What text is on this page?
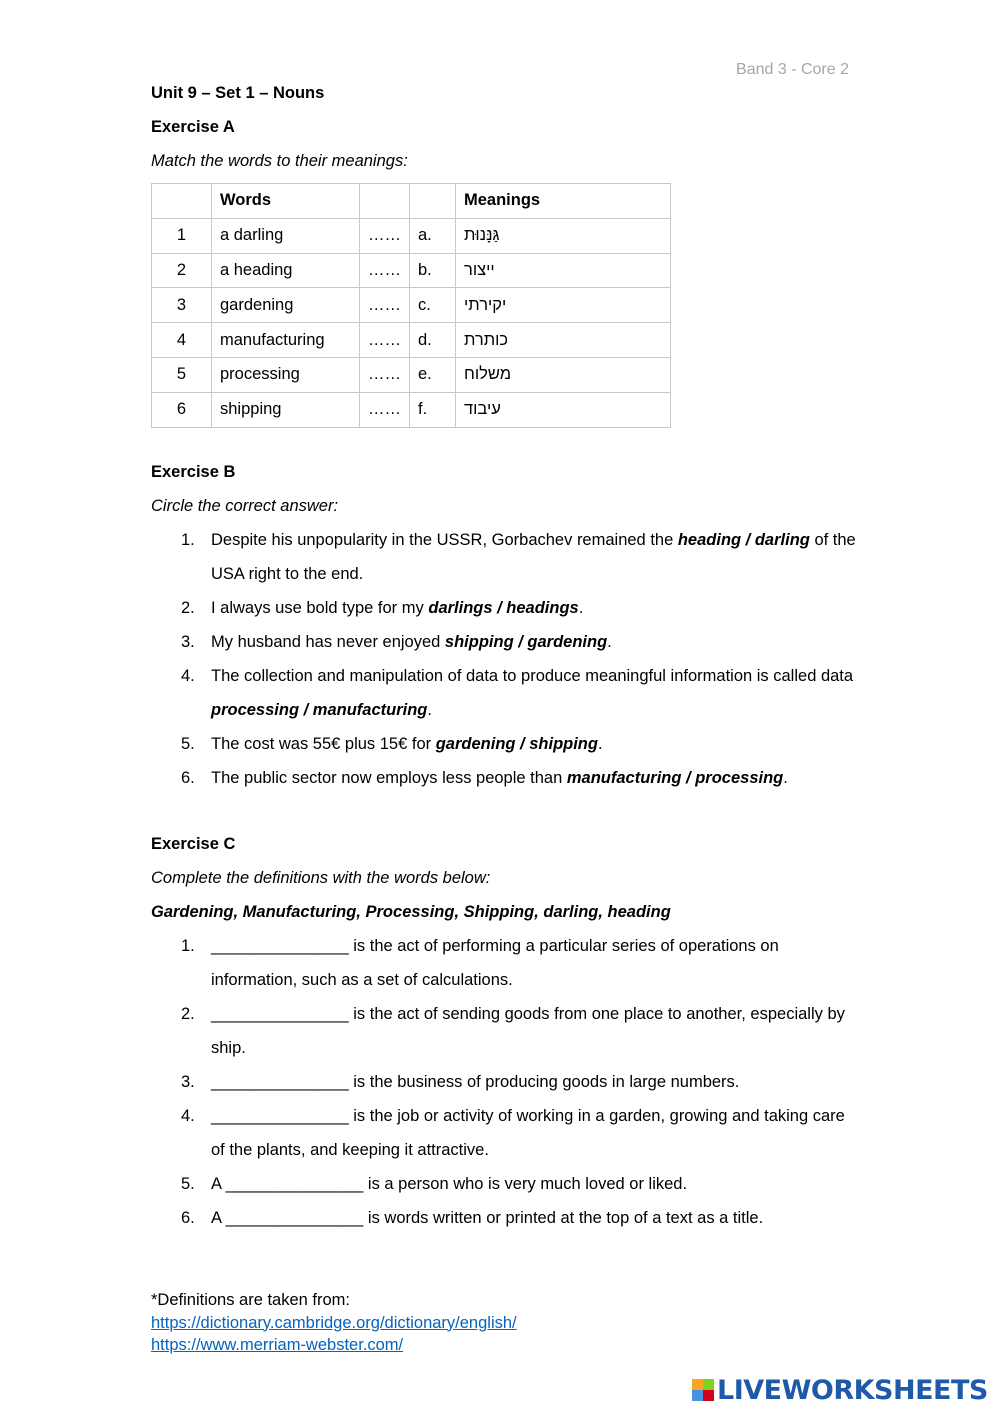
Band 3 - Core 2
Unit 9 – Set 1 – Nouns
Exercise A
Match the words to their meanings:
	Words			Meanings
1	a darling	……	a.	גַּנָּנוּת
2	a heading	……	b.	ייצור
3	gardening	……	c.	יקירתי
4	manufacturing	……	d.	כותרת
5	processing	……	e.	משלוח
6	shipping	……	f.	עיבוד
Exercise B
Circle the correct answer:
1. Despite his unpopularity in the USSR, Gorbachev remained the heading / darling of the USA right to the end.
2. I always use bold type for my darlings / headings.
3. My husband has never enjoyed shipping / gardening.
4. The collection and manipulation of data to produce meaningful information is called data processing / manufacturing.
5. The cost was 55€ plus 15€ for gardening / shipping.
6. The public sector now employs less people than manufacturing / processing.
Exercise C
Complete the definitions with the words below:
Gardening, Manufacturing, Processing, Shipping, darling, heading
1. _______________ is the act of performing a particular series of operations on information, such as a set of calculations.
2. _______________ is the act of sending goods from one place to another, especially by ship.
3. _______________ is the business of producing goods in large numbers.
4. _______________ is the job or activity of working in a garden, growing and taking care of the plants, and keeping it attractive.
5. A _______________ is a person who is very much loved or liked.
6. A _______________ is words written or printed at the top of a text as a title.
*Definitions are taken from:
https://dictionary.cambridge.org/dictionary/english/
https://www.merriam-webster.com/
LIVEWORKSHEETS
